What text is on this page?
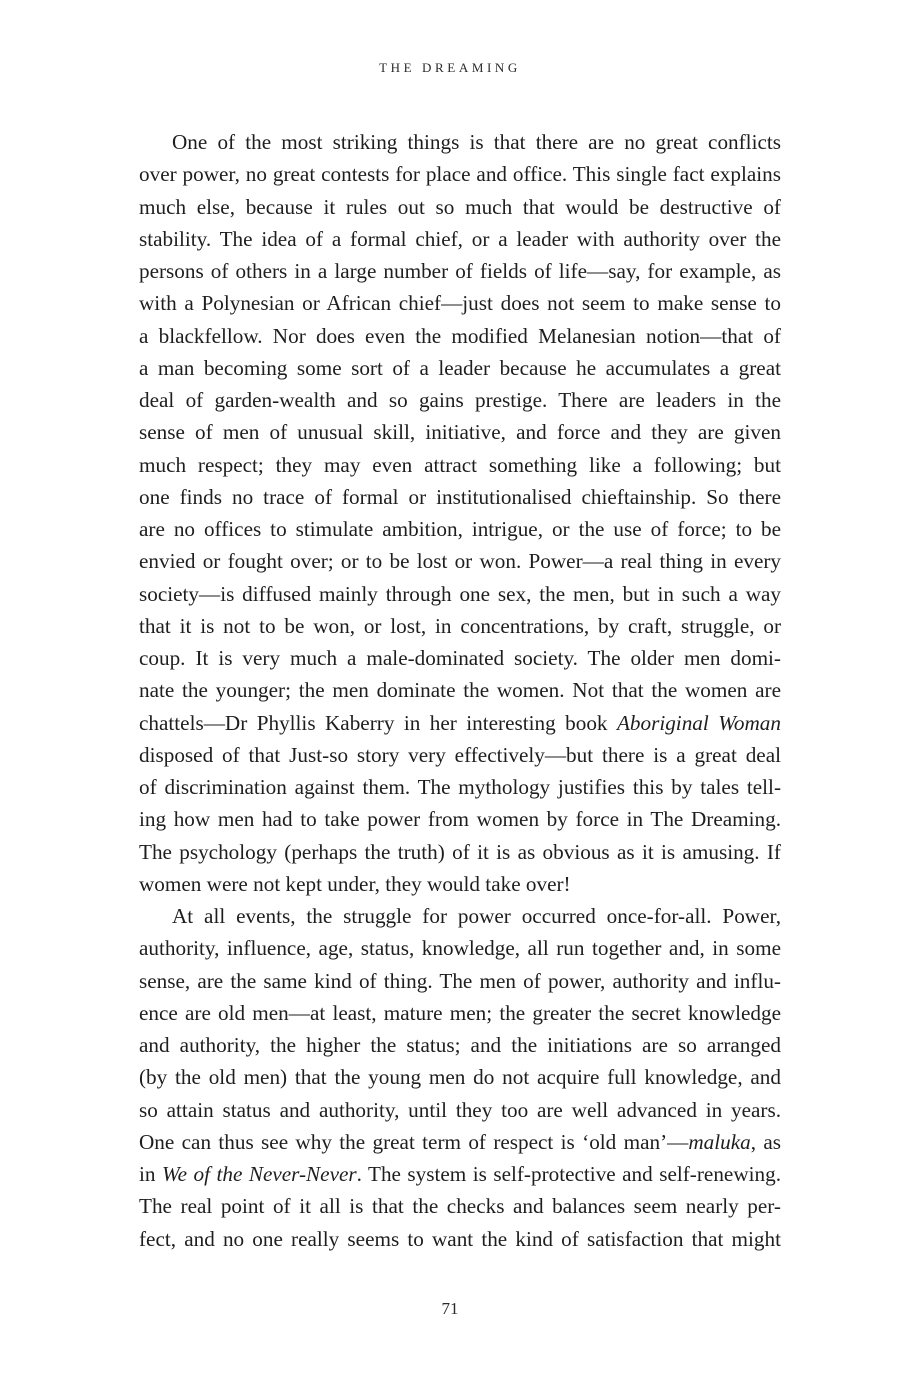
THE DREAMING
One of the most striking things is that there are no great conflicts
over power, no great contests for place and office. This single fact explains
much else, because it rules out so much that would be destructive of
stability. The idea of a formal chief, or a leader with authority over the
persons of others in a large number of fields of life—say, for example, as
with a Polynesian or African chief—just does not seem to make sense to
a blackfellow. Nor does even the modified Melanesian notion—that of
a man becoming some sort of a leader because he accumulates a great
deal of garden-wealth and so gains prestige. There are leaders in the
sense of men of unusual skill, initiative, and force and they are given
much respect; they may even attract something like a following; but
one finds no trace of formal or institutionalised chieftainship. So there
are no offices to stimulate ambition, intrigue, or the use of force; to be
envied or fought over; or to be lost or won. Power—a real thing in every
society—is diffused mainly through one sex, the men, but in such a way
that it is not to be won, or lost, in concentrations, by craft, struggle, or
coup. It is very much a male-dominated society. The older men domi-
nate the younger; the men dominate the women. Not that the women are
chattels—Dr Phyllis Kaberry in her interesting book Aboriginal Woman
disposed of that Just-so story very effectively—but there is a great deal
of discrimination against them. The mythology justifies this by tales tell-
ing how men had to take power from women by force in The Dreaming.
The psychology (perhaps the truth) of it is as obvious as it is amusing. If
women were not kept under, they would take over!
At all events, the struggle for power occurred once-for-all. Power,
authority, influence, age, status, knowledge, all run together and, in some
sense, are the same kind of thing. The men of power, authority and influ-
ence are old men—at least, mature men; the greater the secret knowledge
and authority, the higher the status; and the initiations are so arranged
(by the old men) that the young men do not acquire full knowledge, and
so attain status and authority, until they too are well advanced in years.
One can thus see why the great term of respect is ‘old man’—maluka, as
in We of the Never-Never. The system is self-protective and self-renewing.
The real point of it all is that the checks and balances seem nearly per-
fect, and no one really seems to want the kind of satisfaction that might
71
